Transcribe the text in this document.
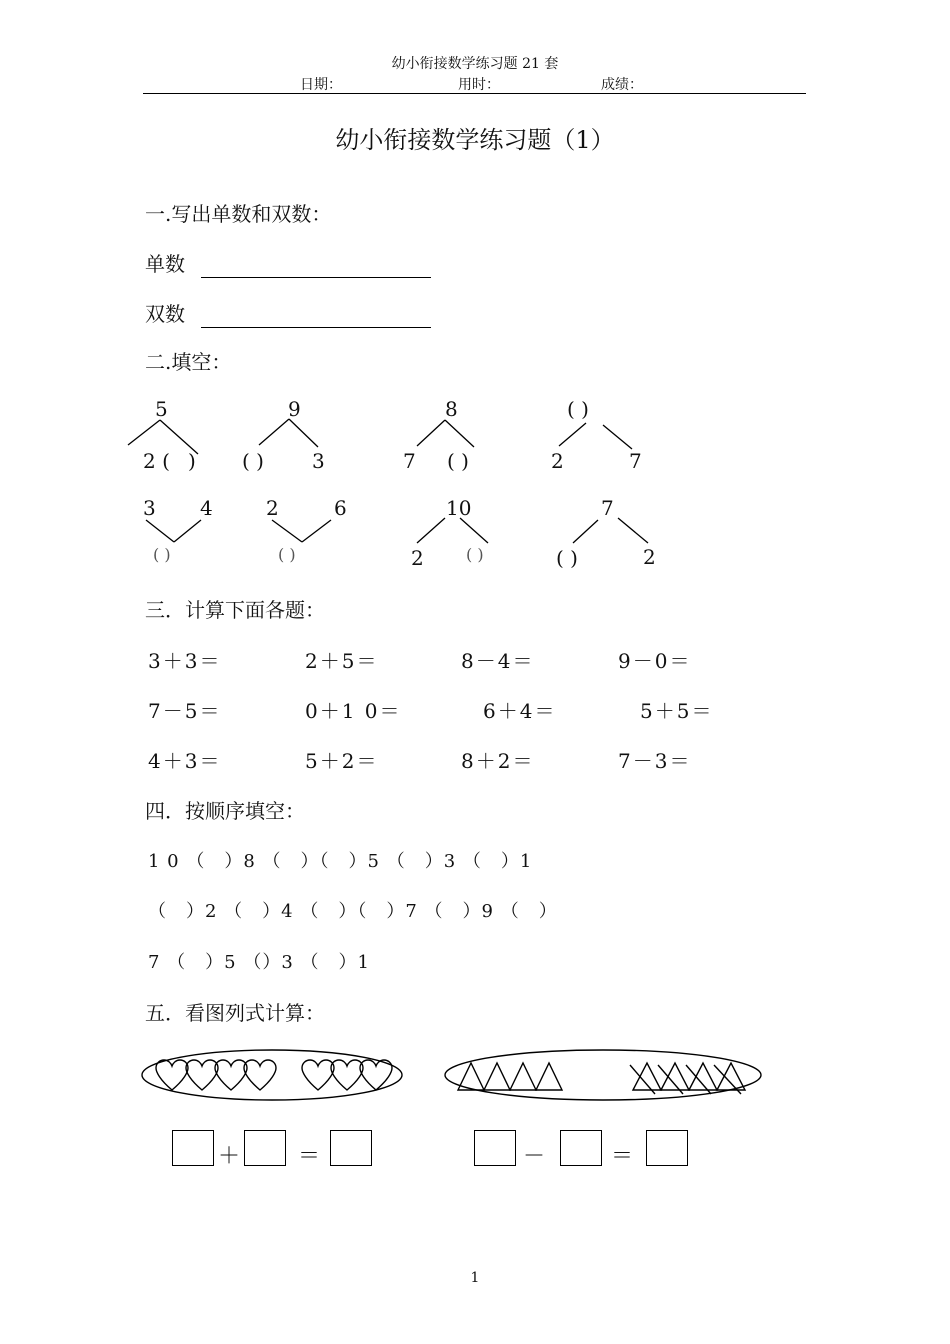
幼小衔接数学练习题 21 套
日期：	用时：	成绩：
幼小衔接数学练习题（1）
一.写出单数和双数：
单数
双数
二.填空：
5
2 ( )
9
( ) 3
8
7 ( )
( )
2	7
3 4
( )
2	6
( )
10
2	( )
7
( )	2
三．计算下面各题：
3＋3＝	2＋5＝	8－4＝	9－0＝
7－5＝	0＋1 0＝	6＋4＝	5＋5＝
4＋3＝	5＋2＝	8＋2＝	7－3＝
四．按顺序填空：
1 0 （　）8 （　）（　）5 （　）3 （　）1
（　）2 （　）4 （　）（　）7 （　）9 （　）
7 （　）5 （）3 （　）1
五．看图列式计算：
＋	＝	－	＝
1
